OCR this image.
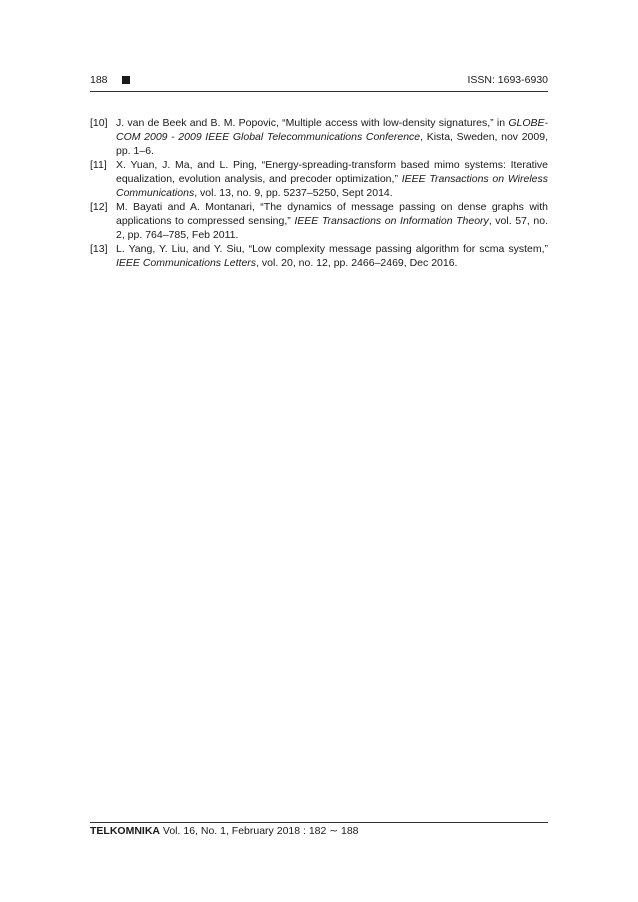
188	ISSN: 1693-6930
[10] J. van de Beek and B. M. Popovic, “Multiple access with low-density signatures,” in GLOBE-COM 2009 - 2009 IEEE Global Telecommunications Conference, Kista, Sweden, nov 2009, pp. 1–6.
[11] X. Yuan, J. Ma, and L. Ping, “Energy-spreading-transform based mimo systems: Iterative equalization, evolution analysis, and precoder optimization,” IEEE Transactions on Wireless Communications, vol. 13, no. 9, pp. 5237–5250, Sept 2014.
[12] M. Bayati and A. Montanari, “The dynamics of message passing on dense graphs with applications to compressed sensing,” IEEE Transactions on Information Theory, vol. 57, no. 2, pp. 764–785, Feb 2011.
[13] L. Yang, Y. Liu, and Y. Siu, “Low complexity message passing algorithm for scma system,” IEEE Communications Letters, vol. 20, no. 12, pp. 2466–2469, Dec 2016.
TELKOMNIKA Vol. 16, No. 1, February 2018 : 182 ∼ 188
